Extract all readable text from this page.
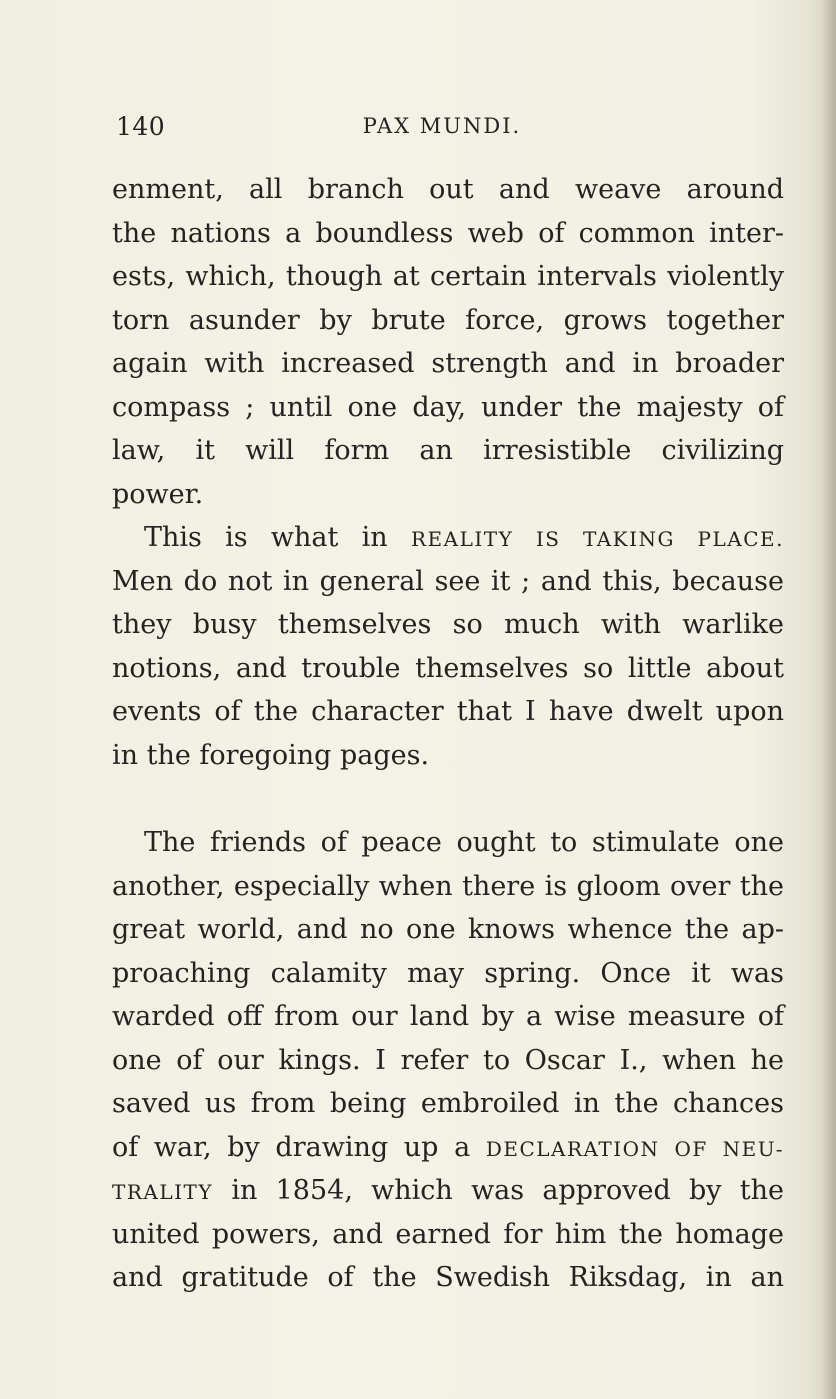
140	PAX MUNDI.
enment, all branch out and weave around
the nations a boundless web of common inter-
ests, which, though at certain intervals violently
torn asunder by brute force, grows together
again with increased strength and in broader
compass ; until one day, under the majesty of
law, it will form an irresistible civilizing
power.
This is what in REALITY IS TAKING PLACE.
Men do not in general see it ; and this, because
they busy themselves so much with warlike
notions, and trouble themselves so little about
events of the character that I have dwelt upon
in the foregoing pages.
The friends of peace ought to stimulate one
another, especially when there is gloom over the
great world, and no one knows whence the ap-
proaching calamity may spring. Once it was
warded off from our land by a wise measure of
one of our kings. I refer to Oscar I., when he
saved us from being embroiled in the chances
of war, by drawing up a DECLARATION OF NEU-
TRALITY in 1854, which was approved by the
united powers, and earned for him the homage
and gratitude of the Swedish Riksdag, in an
